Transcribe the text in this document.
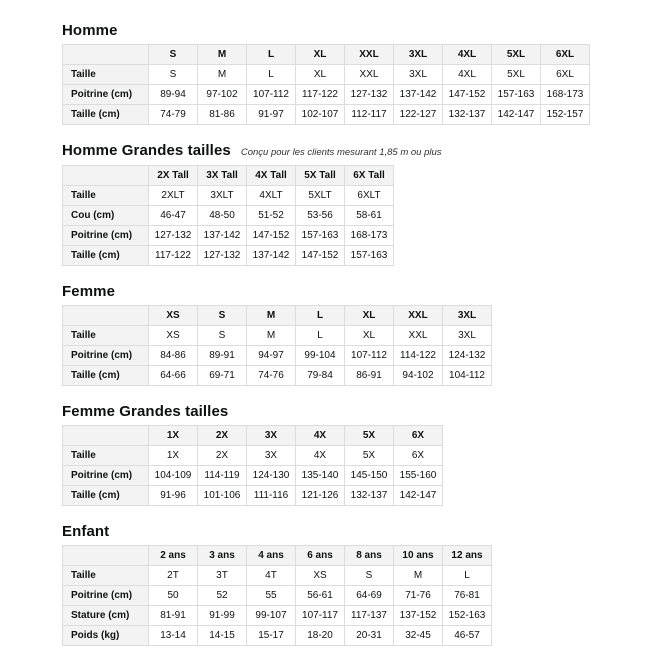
Homme
	S	M	L	XL	XXL	3XL	4XL	5XL	6XL
Taille	S	M	L	XL	XXL	3XL	4XL	5XL	6XL
Poitrine (cm)	89-94	97-102	107-112	117-122	127-132	137-142	147-152	157-163	168-173
Taille (cm)	74-79	81-86	91-97	102-107	112-117	122-127	132-137	142-147	152-157
Homme Grandes tailles Conçu pour les clients mesurant 1,85 m ou plus
	2X Tall	3X Tall	4X Tall	5X Tall	6X Tall
Taille	2XLT	3XLT	4XLT	5XLT	6XLT
Cou (cm)	46-47	48-50	51-52	53-56	58-61
Poitrine (cm)	127-132	137-142	147-152	157-163	168-173
Taille (cm)	117-122	127-132	137-142	147-152	157-163
Femme
	XS	S	M	L	XL	XXL	3XL
Taille	XS	S	M	L	XL	XXL	3XL
Poitrine (cm)	84-86	89-91	94-97	99-104	107-112	114-122	124-132
Taille (cm)	64-66	69-71	74-76	79-84	86-91	94-102	104-112
Femme Grandes tailles
	1X	2X	3X	4X	5X	6X
Taille	1X	2X	3X	4X	5X	6X
Poitrine (cm)	104-109	114-119	124-130	135-140	145-150	155-160
Taille (cm)	91-96	101-106	111-116	121-126	132-137	142-147
Enfant
	2 ans	3 ans	4 ans	6 ans	8 ans	10 ans	12 ans
Taille	2T	3T	4T	XS	S	M	L
Poitrine (cm)	50	52	55	56-61	64-69	71-76	76-81
Stature (cm)	81-91	91-99	99-107	107-117	117-137	137-152	152-163
Poids (kg)	13-14	14-15	15-17	18-20	20-31	32-45	46-57
